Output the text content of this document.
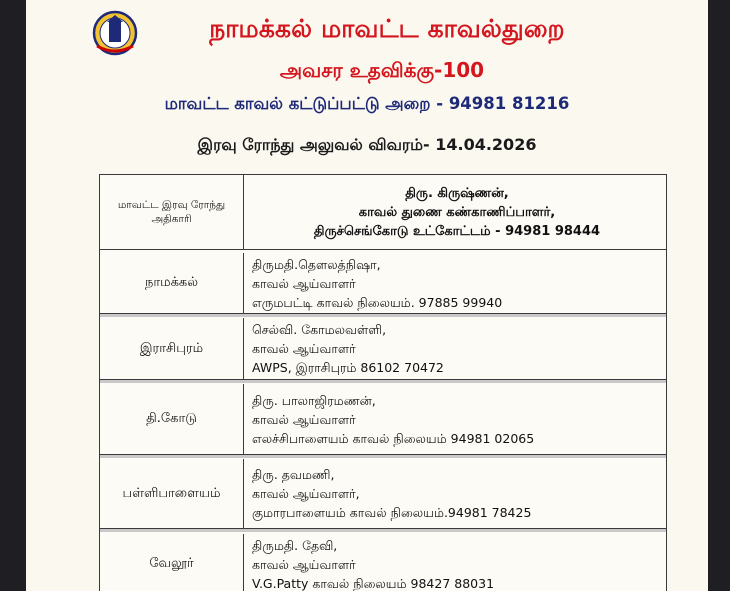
நாமக்கல் மாவட்ட காவல்துறை
அவசர உதவிக்கு-100
மாவட்ட காவல் கட்டுப்பட்டு அறை - 94981 81216
இரவு ரோந்து அலுவல் விவரம்- 14.04.2026
மாவட்ட இரவு ரோந்து அதிகாரி
திரு. கிருஷ்ணன்,
காவல் துணை கண்காணிப்பாளர்,
திருச்செங்கோடு உட்கோட்டம் - 94981 98444
நாமக்கல்
திருமதி.தௌலத்நிஷா,
காவல் ஆய்வாளர்
எருமபட்டி காவல் நிலையம். 97885 99940
இராசிபுரம்
செல்வி. கோமலவள்ளி,
காவல் ஆய்வாளர்
AWPS, இராசிபுரம் 86102 70472
தி.கோடு
திரு. பாலாஜிரமணன்,
காவல் ஆய்வாளர்
எலச்சிபாளையம் காவல் நிலையம் 94981 02065
பள்ளிபாளையம்
திரு. தவமணி,
காவல் ஆய்வாளர்,
குமாரபாளையம் காவல் நிலையம்.94981 78425
வேலூர்
திருமதி. தேவி,
காவல் ஆய்வாளர்
V.G.Patty காவல் நிலையம் 98427 88031
